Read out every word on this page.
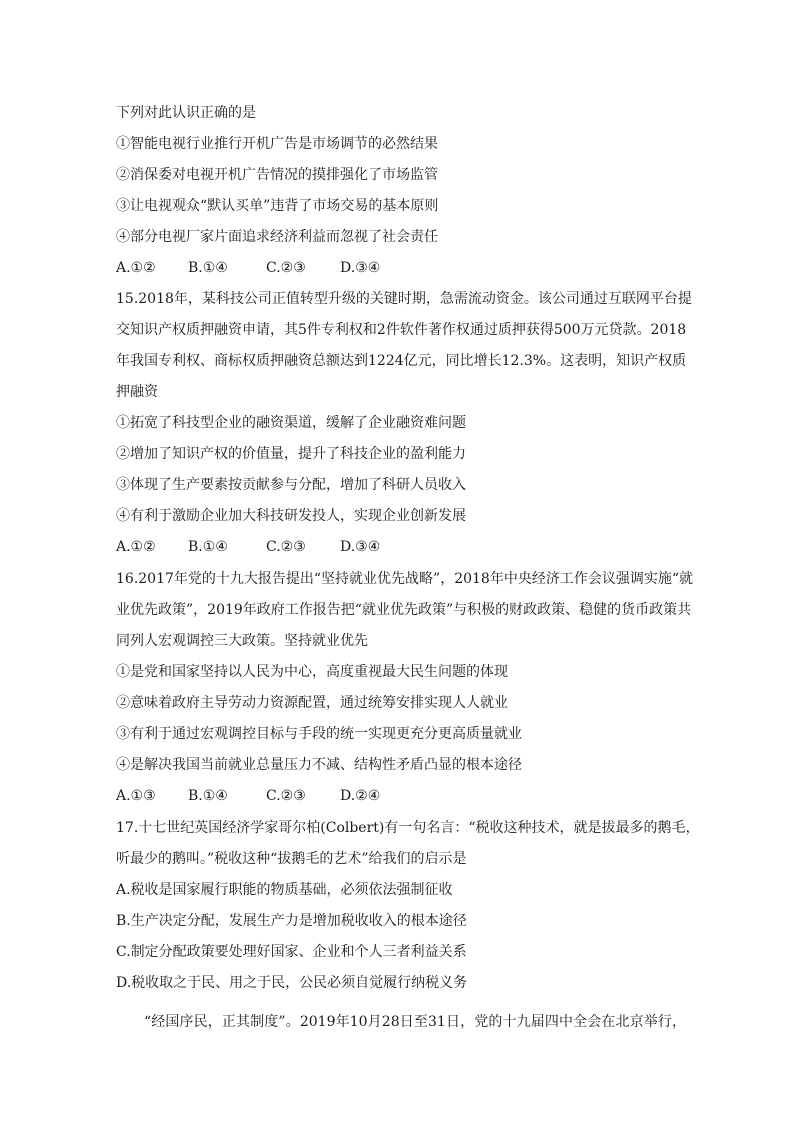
下列对此认识正确的是
①智能电视行业推行开机广告是市场调节的必然结果
②消保委对电视开机广告情况的摸排强化了市场监管
③让电视观众“默认买单”违背了市场交易的基本原则
④部分电视厂家片面追求经济利益而忽视了社会责任
A.①②	B.①④	C.②③	D.③④
15.2018年，某科技公司正值转型升级的关键时期，急需流动资金。该公司通过互联网平台提
交知识产权质押融资申请，其5件专利权和2件软件著作权通过质押获得500万元贷款。2018
年我国专利权、商标权质押融资总额达到1224亿元，同比增长12.3%。这表明，知识产权质
押融资
①拓宽了科技型企业的融资渠道，缓解了企业融资难问题
②增加了知识产权的价值量，提升了科技企业的盈利能力
③体现了生产要素按贡献参与分配，增加了科研人员收入
④有利于激励企业加大科技研发投人，实现企业创新发展
A.①②	B.①④	C.②③	D.③④
16.2017年党的十九大报告提出“坚持就业优先战略”，2018年中央经济工作会议强调实施“就
业优先政策”，2019年政府工作报告把“就业优先政策”与积极的财政政策、稳健的货币政策共
同列人宏观调控三大政策。坚持就业优先
①是党和国家坚持以人民为中心，高度重视最大民生问题的体现
②意味着政府主导劳动力资源配置，通过统筹安排实现人人就业
③有利于通过宏观调控目标与手段的统一实现更充分更高质量就业
④是解决我国当前就业总量压力不减、结构性矛盾凸显的根本途径
A.①③	B.①④	C.②③	D.②④
17.十七世纪英国经济学家哥尔柏(Colbert)有一句名言：“税收这种技术，就是拔最多的鹅毛，
听最少的鹅叫。”税收这种“拔鹅毛的艺术”给我们的启示是
A.税收是国家履行职能的物质基础，必须依法强制征收
B.生产决定分配，发展生产力是增加税收收入的根本途径
C.制定分配政策要处理好国家、企业和个人三者利益关系
D.税收取之于民、用之于民，公民必须自觉履行纳税义务
“经国序民，正其制度”。2019年10月28日至31日，党的十九届四中全会在北京举行，
